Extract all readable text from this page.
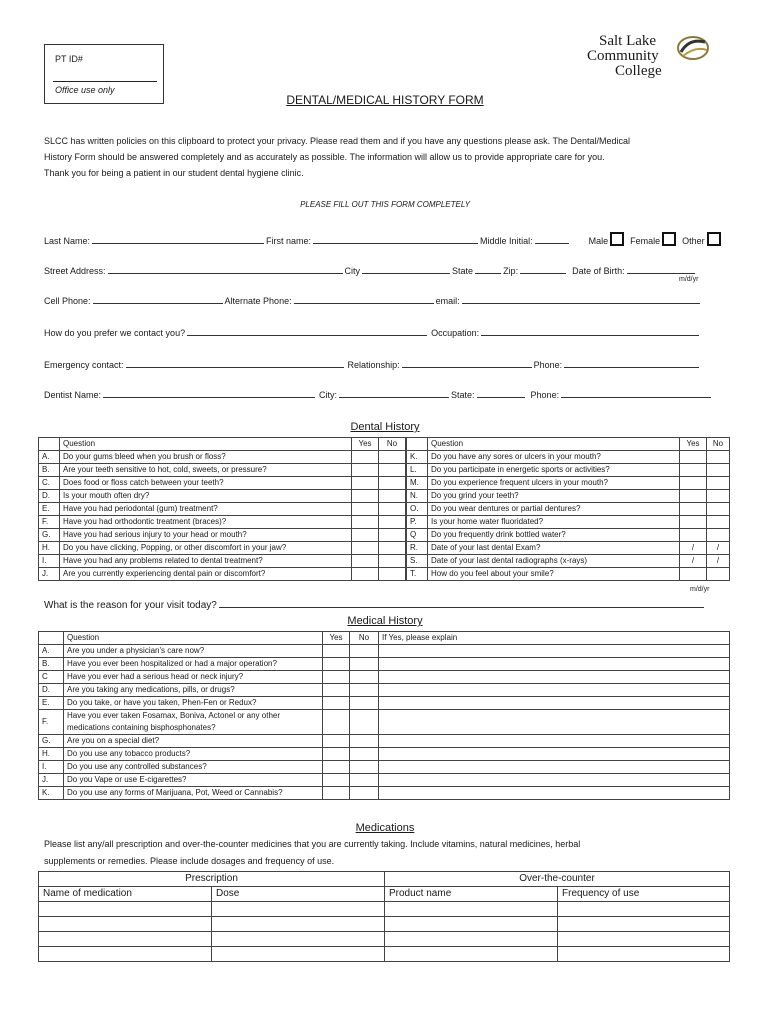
PT ID#
Office use only
Salt Lake
Community
College
DENTAL/MEDICAL HISTORY FORM
SLCC has written policies on this clipboard to protect your privacy. Please read them and if you have any questions please ask. The Dental/Medical
History Form should be answered completely and as accurately as possible. The information will allow us to provide appropriate care for you.
Thank you for being a patient in our student dental hygiene clinic.
PLEASE FILL OUT THIS FORM COMPLETELY
Last Name:	First name:	Middle Initial:	Male Female Other
Street Address:	City	State	Zip:	Date of Birth:
m/d/yr
Cell Phone:	Alternate Phone:	email:
How do you prefer we contact you?	Occupation:
Emergency contact:	Relationship:	Phone:
Dentist Name:	City:	State:	Phone:
Dental History
	Question	Yes	No
A.	Do your gums bleed when you brush or floss?		
B.	Are your teeth sensitive to hot, cold, sweets, or pressure?		
C.	Does food or floss catch between your teeth?		
D.	Is your mouth often dry?		
E.	Have you had periodontal (gum) treatment?		
F.	Have you had orthodontic treatment (braces)?		
G.	Have you had serious injury to your head or mouth?		
H.	Do you have clicking, Popping, or other discomfort in your jaw?		
I.	Have you had any problems related to dental treatment?		
J.	Are you currently experiencing dental pain or discomfort?		
	Question	Yes	No
K.	Do you have any sores or ulcers in your mouth?		
L.	Do you participate in energetic sports or activities?		
M.	Do you experience frequent ulcers in your mouth?		
N.	Do you grind your teeth?		
O.	Do you wear dentures or partial dentures?		
P.	Is your home water fluoridated?		
Q	Do you frequently drink bottled water?		
R.	Date of your last dental Exam?	/	/
S.	Date of your last dental radiographs (x-rays)	/	/
T.	How do you feel about your smile?		
m/d/yr
What is the reason for your visit today?
Medical History
	Question	Yes	No	If Yes, please explain
A.	Are you under a physician's care now?			

B.	Have you ever been hospitalized or had a major operation?			

C	Have you ever had a serious head or neck injury?			

D.	Are you taking any medications, pills, or drugs?			

E.	Do you take, or have you taken, Phen-Fen or Redux?			

F.	Have you ever taken Fosamax, Boniva, Actonel or any other
medications containing bisphosphonates?			

G.	Are you on a special diet?			

H.	Do you use any tobacco products?			

I.	Do you use any controlled substances?			

J.	Do you Vape or use E-cigarettes?			

K.	Do you use any forms of Marijuana, Pot, Weed or Cannabis?			

Medications
Please list any/all prescription and over-the-counter medicines that you are currently taking. Include vitamins, natural medicines, herbal
supplements or remedies. Please include dosages and frequency of use.
Prescription		Over-the-counter	
Name of medication	Dose	Product name	Frequency of use
